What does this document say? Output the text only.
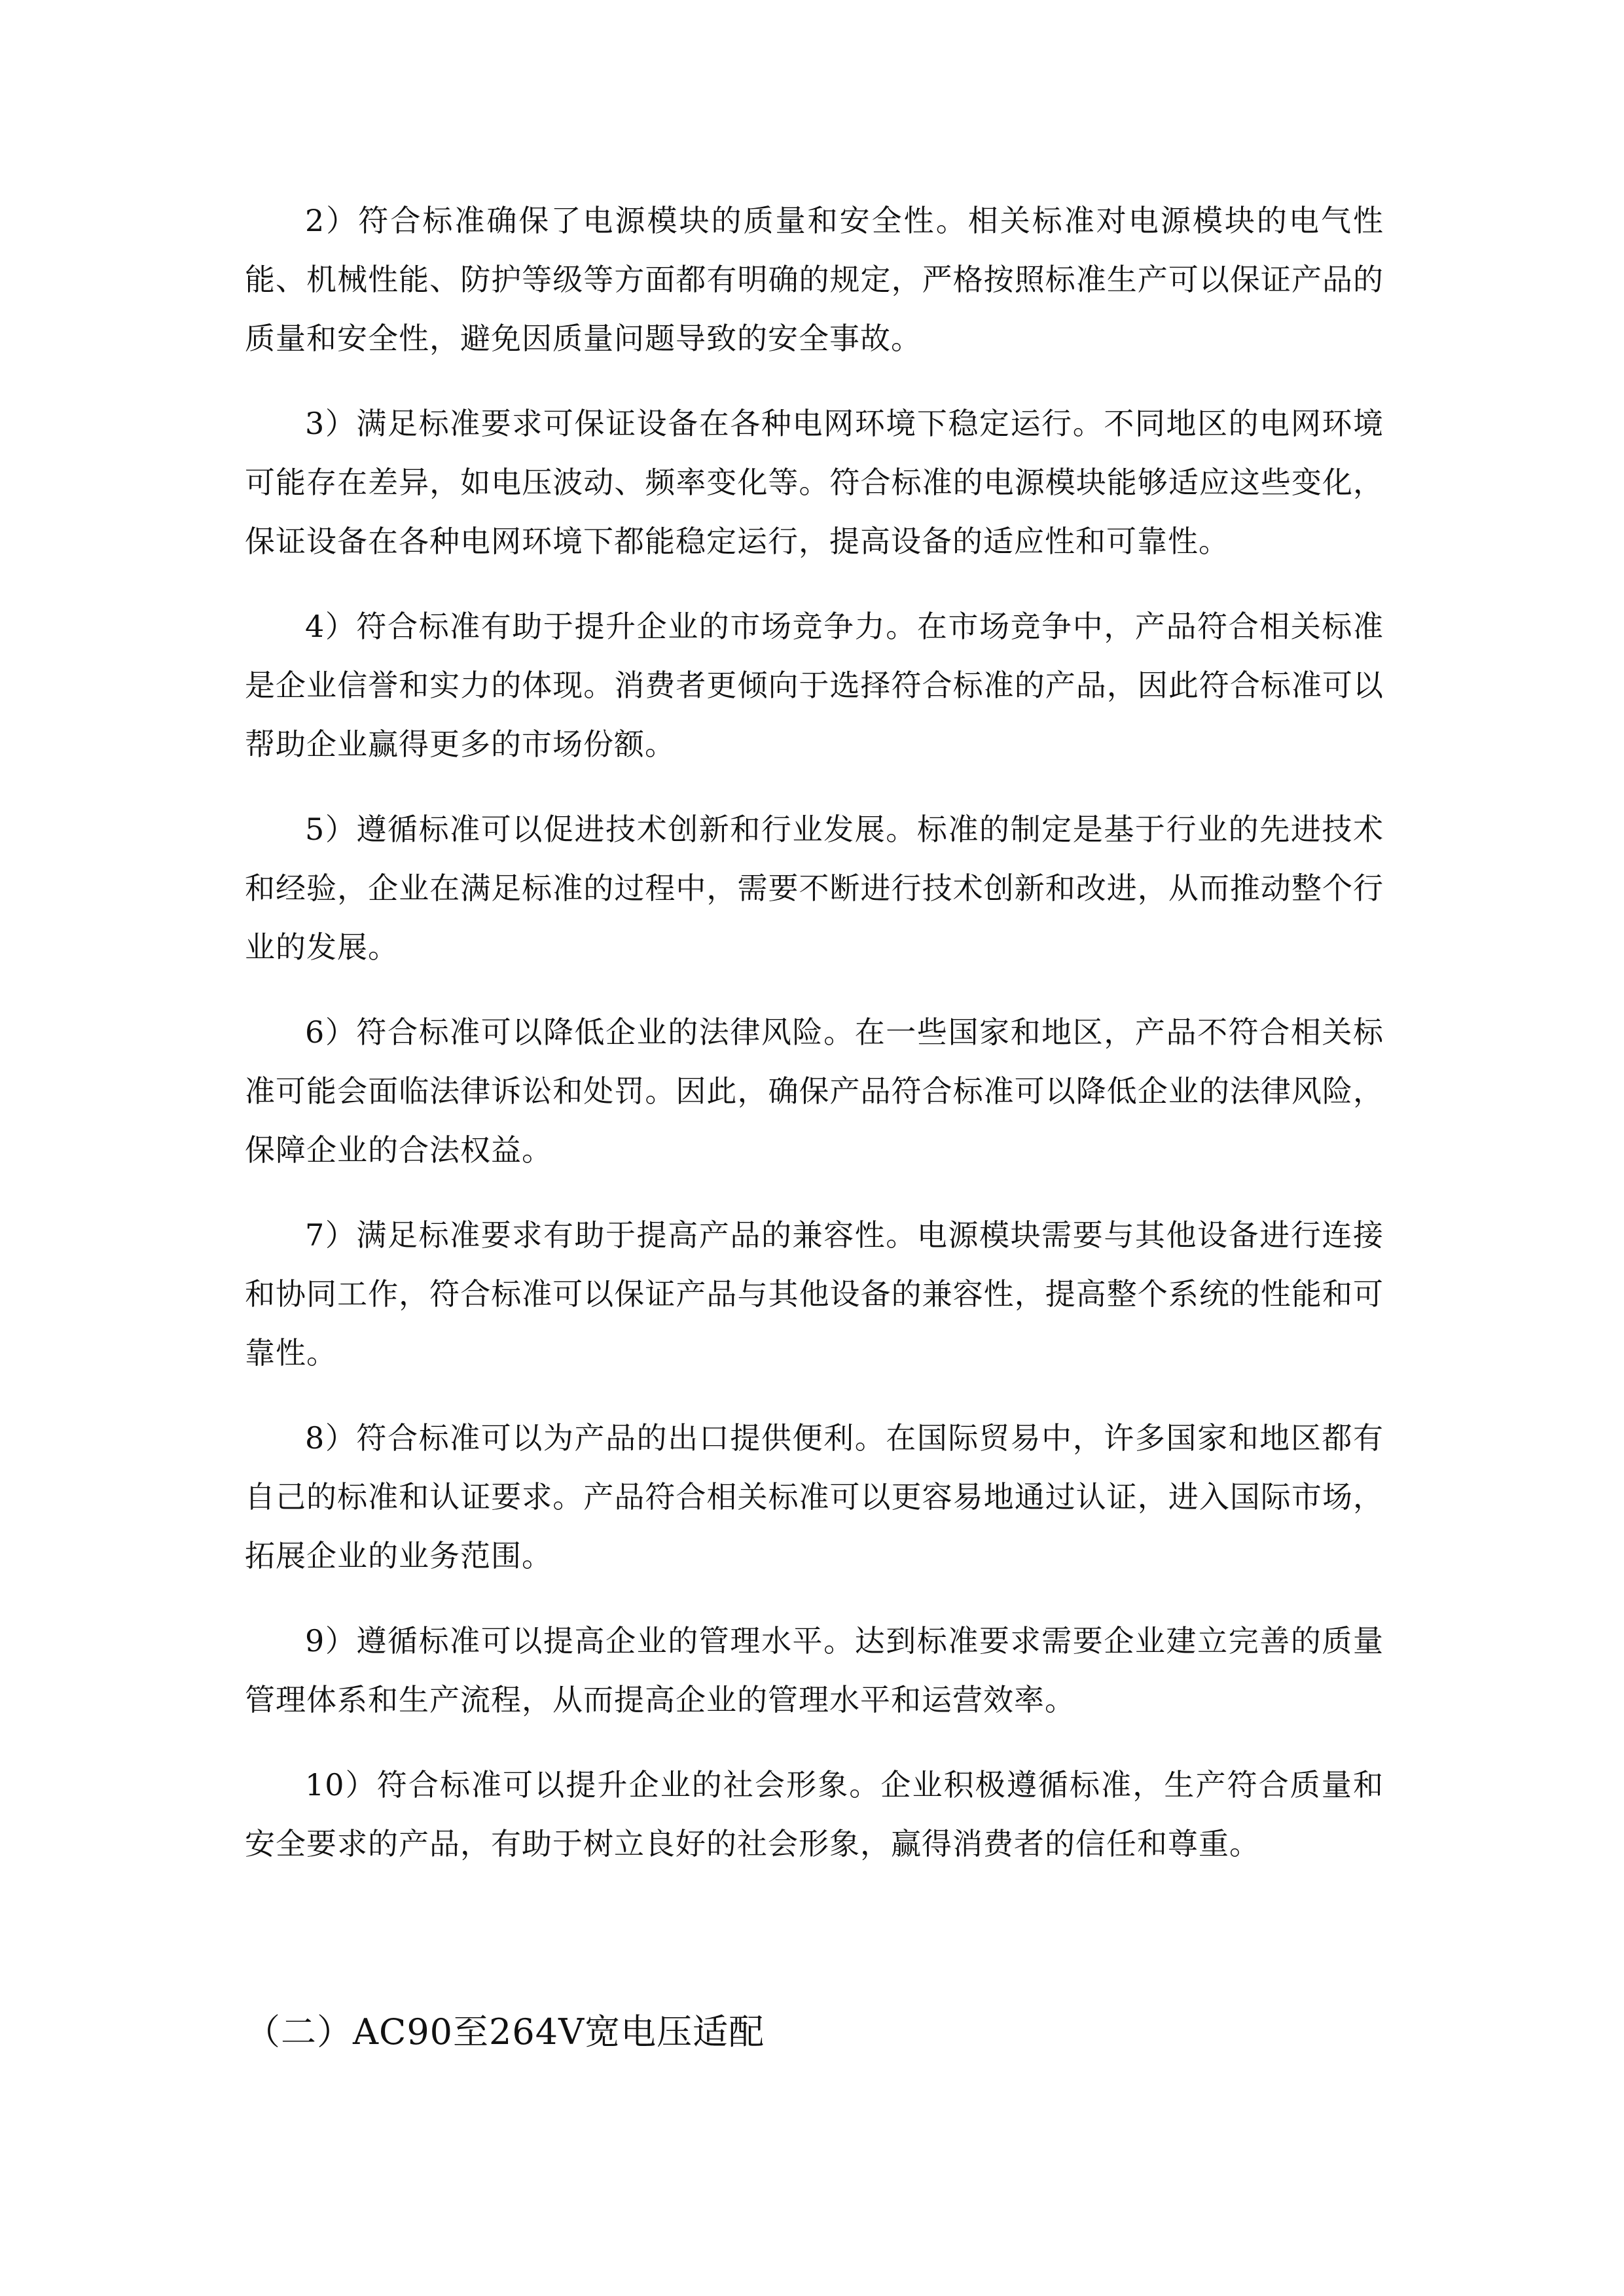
2）符合标准确保了电源模块的质量和安全性。相关标准对电源模块的电气性能、机械性能、防护等级等方面都有明确的规定，严格按照标准生产可以保证产品的质量和安全性，避免因质量问题导致的安全事故。

3）满足标准要求可保证设备在各种电网环境下稳定运行。不同地区的电网环境可能存在差异，如电压波动、频率变化等。符合标准的电源模块能够适应这些变化，保证设备在各种电网环境下都能稳定运行，提高设备的适应性和可靠性。

4）符合标准有助于提升企业的市场竞争力。在市场竞争中，产品符合相关标准是企业信誉和实力的体现。消费者更倾向于选择符合标准的产品，因此符合标准可以帮助企业赢得更多的市场份额。

5）遵循标准可以促进技术创新和行业发展。标准的制定是基于行业的先进技术和经验，企业在满足标准的过程中，需要不断进行技术创新和改进，从而推动整个行业的发展。

6）符合标准可以降低企业的法律风险。在一些国家和地区，产品不符合相关标准可能会面临法律诉讼和处罚。因此，确保产品符合标准可以降低企业的法律风险，保障企业的合法权益。

7）满足标准要求有助于提高产品的兼容性。电源模块需要与其他设备进行连接和协同工作，符合标准可以保证产品与其他设备的兼容性，提高整个系统的性能和可靠性。

8）符合标准可以为产品的出口提供便利。在国际贸易中，许多国家和地区都有自己的标准和认证要求。产品符合相关标准可以更容易地通过认证，进入国际市场，拓展企业的业务范围。

9）遵循标准可以提高企业的管理水平。达到标准要求需要企业建立完善的质量管理体系和生产流程，从而提高企业的管理水平和运营效率。

10）符合标准可以提升企业的社会形象。企业积极遵循标准，生产符合质量和安全要求的产品，有助于树立良好的社会形象，赢得消费者的信任和尊重。

（二）AC90至264V宽电压适配
